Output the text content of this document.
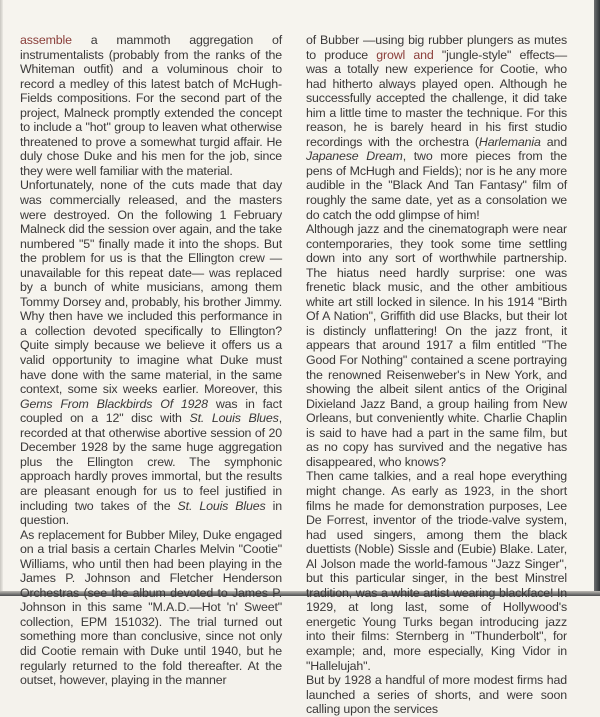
assemble a mammoth aggregation of instrumentalists (probably from the ranks of the Whiteman outfit) and a voluminous choir to record a medley of this latest batch of McHugh-Fields compositions. For the second part of the project, Malneck promptly extended the concept to include a "hot" group to leaven what otherwise threatened to prove a somewhat turgid affair. He duly chose Duke and his men for the job, since they were well familiar with the material.

Unfortunately, none of the cuts made that day was commercially released, and the masters were destroyed. On the following 1 February Malneck did the session over again, and the take numbered "5" finally made it into the shops. But the problem for us is that the Ellington crew — unavailable for this repeat date— was replaced by a bunch of white musicians, among them Tommy Dorsey and, probably, his brother Jimmy. Why then have we included this performance in a collection devoted specifically to Ellington? Quite simply because we believe it offers us a valid opportunity to imagine what Duke must have done with the same material, in the same context, some six weeks earlier. Moreover, this Gems From Blackbirds Of 1928 was in fact coupled on a 12" disc with St. Louis Blues, recorded at that otherwise abortive session of 20 December 1928 by the same huge aggregation plus the Ellington crew. The symphonic approach hardly proves immortal, but the results are pleasant enough for us to feel justified in including two takes of the St. Louis Blues in question.

As replacement for Bubber Miley, Duke engaged on a trial basis a certain Charles Melvin "Cootie" Williams, who until then had been playing in the James P. Johnson and Fletcher Henderson Orchestras (see the album devoted to James P. Johnson in this same "M.A.D.—Hot 'n' Sweet" collection, EPM 151032). The trial turned out something more than conclusive, since not only did Cootie remain with Duke until 1940, but he regularly returned to the fold thereafter. At the outset, however, playing in the manner

of Bubber —using big rubber plungers as mutes to produce growl and "jungle-style" effects— was a totally new experience for Cootie, who had hitherto always played open. Although he successfully accepted the challenge, it did take him a little time to master the technique. For this reason, he is barely heard in his first studio recordings with the orchestra (Harlemania and Japanese Dream, two more pieces from the pens of McHugh and Fields); nor is he any more audible in the "Black And Tan Fantasy" film of roughly the same date, yet as a consolation we do catch the odd glimpse of him!

Although jazz and the cinematograph were near contemporaries, they took some time settling down into any sort of worthwhile partnership. The hiatus need hardly surprise: one was frenetic black music, and the other ambitious white art still locked in silence. In his 1914 "Birth Of A Nation", Griffith did use Blacks, but their lot is distincly unflattering! On the jazz front, it appears that around 1917 a film entitled "The Good For Nothing" contained a scene portraying the renowned Reisenweber's in New York, and showing the albeit silent antics of the Original Dixieland Jazz Band, a group hailing from New Orleans, but conveniently white. Charlie Chaplin is said to have had a part in the same film, but as no copy has survived and the negative has disappeared, who knows?

Then came talkies, and a real hope everything might change. As early as 1923, in the short films he made for demonstration purposes, Lee De Forrest, inventor of the triode-valve system, had used singers, among them the black duettists (Noble) Sissle and (Eubie) Blake. Later, Al Jolson made the world-famous "Jazz Singer", but this particular singer, in the best Minstrel tradition, was a white artist wearing blackface! In 1929, at long last, some of Hollywood's energetic Young Turks began introducing jazz into their films: Sternberg in "Thunderbolt", for example; and, more especially, King Vidor in "Hallelujah".

But by 1928 a handful of more modest firms had launched a series of shorts, and were soon calling upon the services
